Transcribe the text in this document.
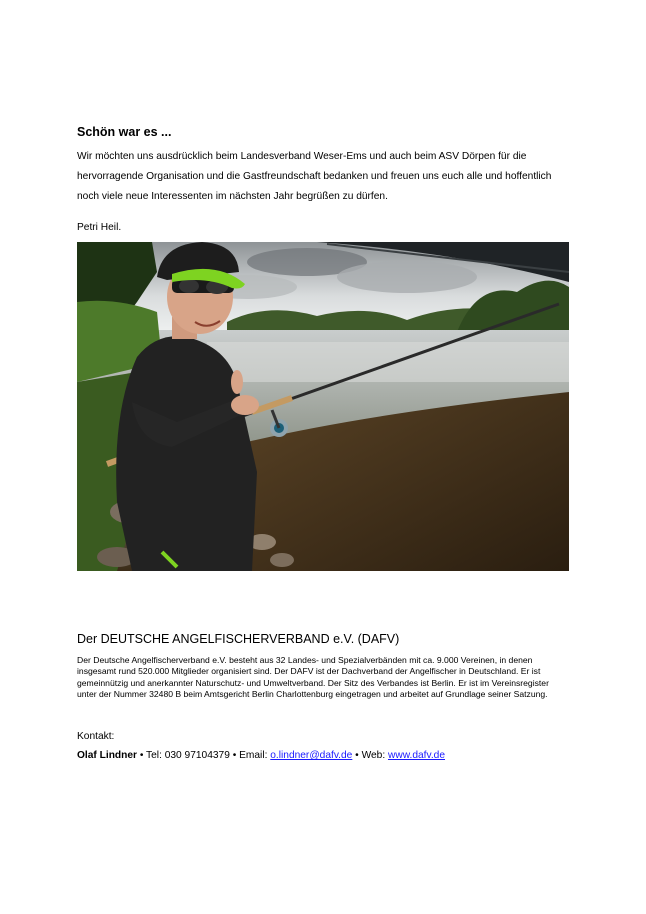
Schön war es ...
Wir möchten uns ausdrücklich beim Landesverband Weser-Ems und auch beim ASV Dörpen für die hervorragende Organisation und die Gastfreundschaft bedanken und freuen uns euch alle und hoffentlich noch viele neue Interessenten im nächsten Jahr begrüßen zu dürfen.
Petri Heil.
Der DEUTSCHE ANGELFISCHERVERBAND e.V. (DAFV)
Der Deutsche Angelfischerverband e.V. besteht aus 32 Landes- und Spezialverbänden mit ca. 9.000 Vereinen, in denen insgesamt rund 520.000 Mitglieder organisiert sind. Der DAFV ist der Dachverband der Angelfischer in Deutschland. Er ist gemeinnützig und anerkannter Naturschutz- und Umweltverband. Der Sitz des Verbandes ist Berlin. Er ist im Vereinsregister unter der Nummer 32480 B beim Amtsgericht Berlin Charlottenburg eingetragen und arbeitet auf Grundlage seiner Satzung.
Kontakt:
Olaf Lindner • Tel: 030 97104379 • Email: o.lindner@dafv.de • Web: www.dafv.de
